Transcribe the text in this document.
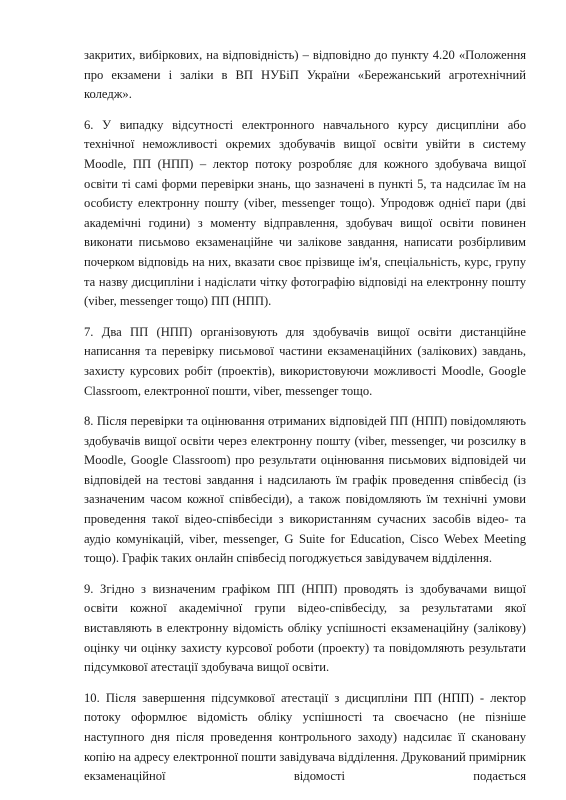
закритих, вибіркових, на відповідність) – відповідно до пункту 4.20 «Положення про екзамени і заліки в ВП НУБіП України «Бережанський агротехнічний коледж».

6. У випадку відсутності електронного навчального курсу дисципліни або технічної неможливості окремих здобувачів вищої освіти увійти в систему Moodle, ПП (НПП) – лектор потоку розробляє для кожного здобувача вищої освіти ті самі форми перевірки знань, що зазначені в пункті 5, та надсилає їм на особисту електронну пошту (viber, messenger тощо). Упродовж однієї пари (дві академічні години) з моменту відправлення, здобувач вищої освіти повинен виконати письмово екзаменаційне чи залікове завдання, написати розбірливим почерком відповідь на них, вказати своє прізвище ім'я, спеціальність, курс, групу та назву дисципліни і надіслати чітку фотографію відповіді на електронну пошту (viber, messenger тощо) ПП (НПП).

7. Два ПП (НПП) організовують для здобувачів вищої освіти дистанційне написання та перевірку письмової частини екзаменаційних (залікових) завдань, захисту курсових робіт (проектів), використовуючи можливості Moodle, Google Classroom, електронної пошти, viber, messenger тощо.

8. Після перевірки та оцінювання отриманих відповідей ПП (НПП) повідомляють здобувачів вищої освіти через електронну пошту (viber, messenger, чи розсилку в Moodle, Google Classroom) про результати оцінювання письмових відповідей чи відповідей на тестові завдання і надсилають їм графік проведення співбесід (із зазначеним часом кожної співбесіди), а також повідомляють їм технічні умови проведення такої відео-співбесіди з використанням сучасних засобів відео- та аудіо комунікацій, viber, messenger, G Suite for Education, Cisco Webex Meeting тощо). Графік таких онлайн співбесід погоджується завідувачем відділення.

9. Згідно з визначеним графіком ПП (НПП) проводять із здобувачами вищої освіти кожної академічної групи відео-співбесіду, за результатами якої виставляють в електронну відомість обліку успішності екзаменаційну (залікову) оцінку чи оцінку захисту курсової роботи (проекту) та повідомляють результати підсумкової атестації здобувача вищої освіти.

10. Після завершення підсумкової атестації з дисципліни ПП (НПП) - лектор потоку оформлює відомість обліку успішності та своєчасно (не пізніше наступного дня після проведення контрольного заходу) надсилає її скановану копію на адресу електронної пошти завідувача відділення. Друкований примірник екзаменаційної відомості подається
